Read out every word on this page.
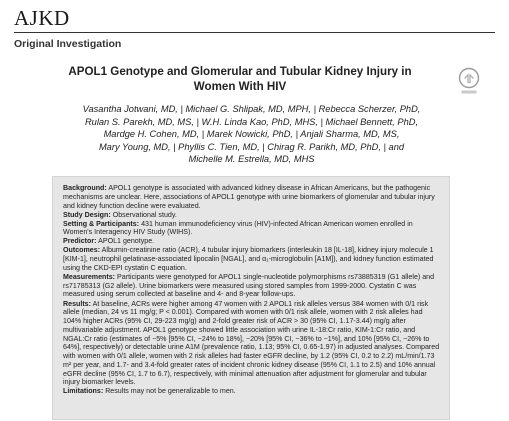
AJKD
Original Investigation
APOL1 Genotype and Glomerular and Tubular Kidney Injury in
Women With HIV
Vasantha Jotwani, MD, | Michael G. Shlipak, MD, MPH, | Rebecca Scherzer, PhD,
Rulan S. Parekh, MD, MS, | W.H. Linda Kao, PhD, MHS, | Michael Bennett, PhD,
Mardge H. Cohen, MD, | Marek Nowicki, PhD, | Anjali Sharma, MD, MS,
Mary Young, MD, | Phyllis C. Tien, MD, | Chirag R. Parikh, MD, PhD, | and
Michelle M. Estrella, MD, MHS

Background: APOL1 genotype is associated with advanced kidney disease in African Americans, but the pathogenic mechanisms are unclear. Here, associations of APOL1 genotype with urine biomarkers of glomerular and tubular injury and kidney function decline were evaluated.

Study Design: Observational study.

Setting & Participants: 431 human immunodeficiency virus (HIV)-infected African American women enrolled in Women's Interagency HIV Study (WIHS).

Predictor: APOL1 genotype.

Outcomes: Albumin-creatinine ratio (ACR), 4 tubular injury biomarkers (interleukin 18 [IL-18], kidney injury molecule 1 [KIM-1], neutrophil gelatinase-associated lipocalin [NGAL], and α₁-microglobulin [A1M]), and kidney function estimated using the CKD-EPI cystatin C equation.

Measurements: Participants were genotyped for APOL1 single-nucleotide polymorphisms rs73885319 (G1 allele) and rs71785313 (G2 allele). Urine biomarkers were measured using stored samples from 1999-2000. Cystatin C was measured using serum collected at baseline and 4- and 8-year follow-ups.

Results: At baseline, ACRs were higher among 47 women with 2 APOL1 risk alleles versus 384 women with 0/1 risk allele (median, 24 vs 11 mg/g; P < 0.001). Compared with women with 0/1 risk allele, women with 2 risk alleles had 104% higher ACRs (95% CI, 29-223 mg/g) and 2-fold greater risk of ACR > 30 (95% CI, 1.17-3.44) mg/g after multivariable adjustment. APOL1 genotype showed little association with urine IL-18:Cr ratio, KIM-1:Cr ratio, and NGAL:Cr ratio (estimates of −5% [95% CI, −24% to 18%], −20% [95% CI, −36% to −1%], and 10% [95% CI, −26% to 64%], respectively) or detectable urine A1M (prevalence ratio, 1.13; 95% CI, 0.65-1.97) in adjusted analyses. Compared with women with 0/1 allele, women with 2 risk alleles had faster eGFR decline, by 1.2 (95% CI, 0.2 to 2.2) mL/min/1.73 m² per year, and 1.7- and 3.4-fold greater rates of incident chronic kidney disease (95% CI, 1.1 to 2.5) and 10% annual eGFR decline (95% CI, 1.7 to 6.7), respectively, with minimal attenuation after adjustment for glomerular and tubular injury biomarker levels.

Limitations: Results may not be generalizable to men.
